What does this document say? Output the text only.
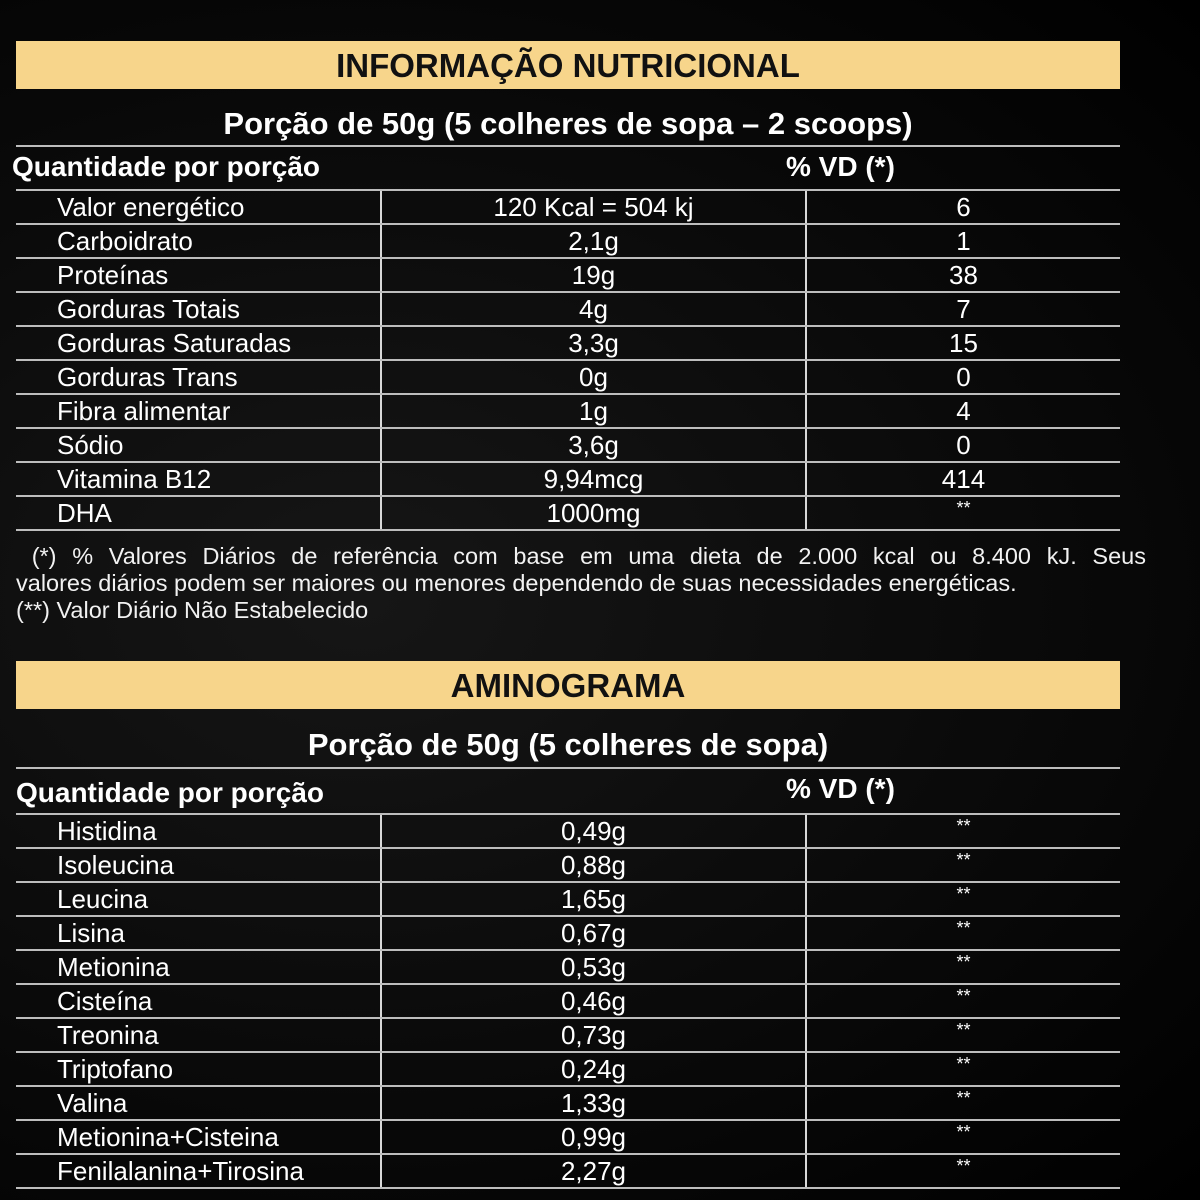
INFORMAÇÃO NUTRICIONAL
Porção de 50g (5 colheres de sopa – 2 scoops)
Quantidade por porção	% VD (*)
Valor energético	120 Kcal = 504 kj	6
Carboidrato	2,1g	1
Proteínas	19g	38
Gorduras Totais	4g	7
Gorduras Saturadas	3,3g	15
Gorduras Trans	0g	0
Fibra alimentar	1g	4
Sódio	3,6g	0
Vitamina B12	9,94mcg	414
DHA	1000mg	**
(*) % Valores Diários de referência com base em uma dieta de 2.000 kcal ou 8.400 kJ. Seus
valores diários podem ser maiores ou menores dependendo de suas necessidades energéticas.
(**) Valor Diário Não Estabelecido
AMINOGRAMA
Porção de 50g (5 colheres de sopa)
Quantidade por porção	% VD (*)
Histidina	0,49g	**
Isoleucina	0,88g	**
Leucina	1,65g	**
Lisina	0,67g	**
Metionina	0,53g	**
Cisteína	0,46g	**
Treonina	0,73g	**
Triptofano	0,24g	**
Valina	1,33g	**
Metionina+Cisteina	0,99g	**
Fenilalanina+Tirosina	2,27g	**
